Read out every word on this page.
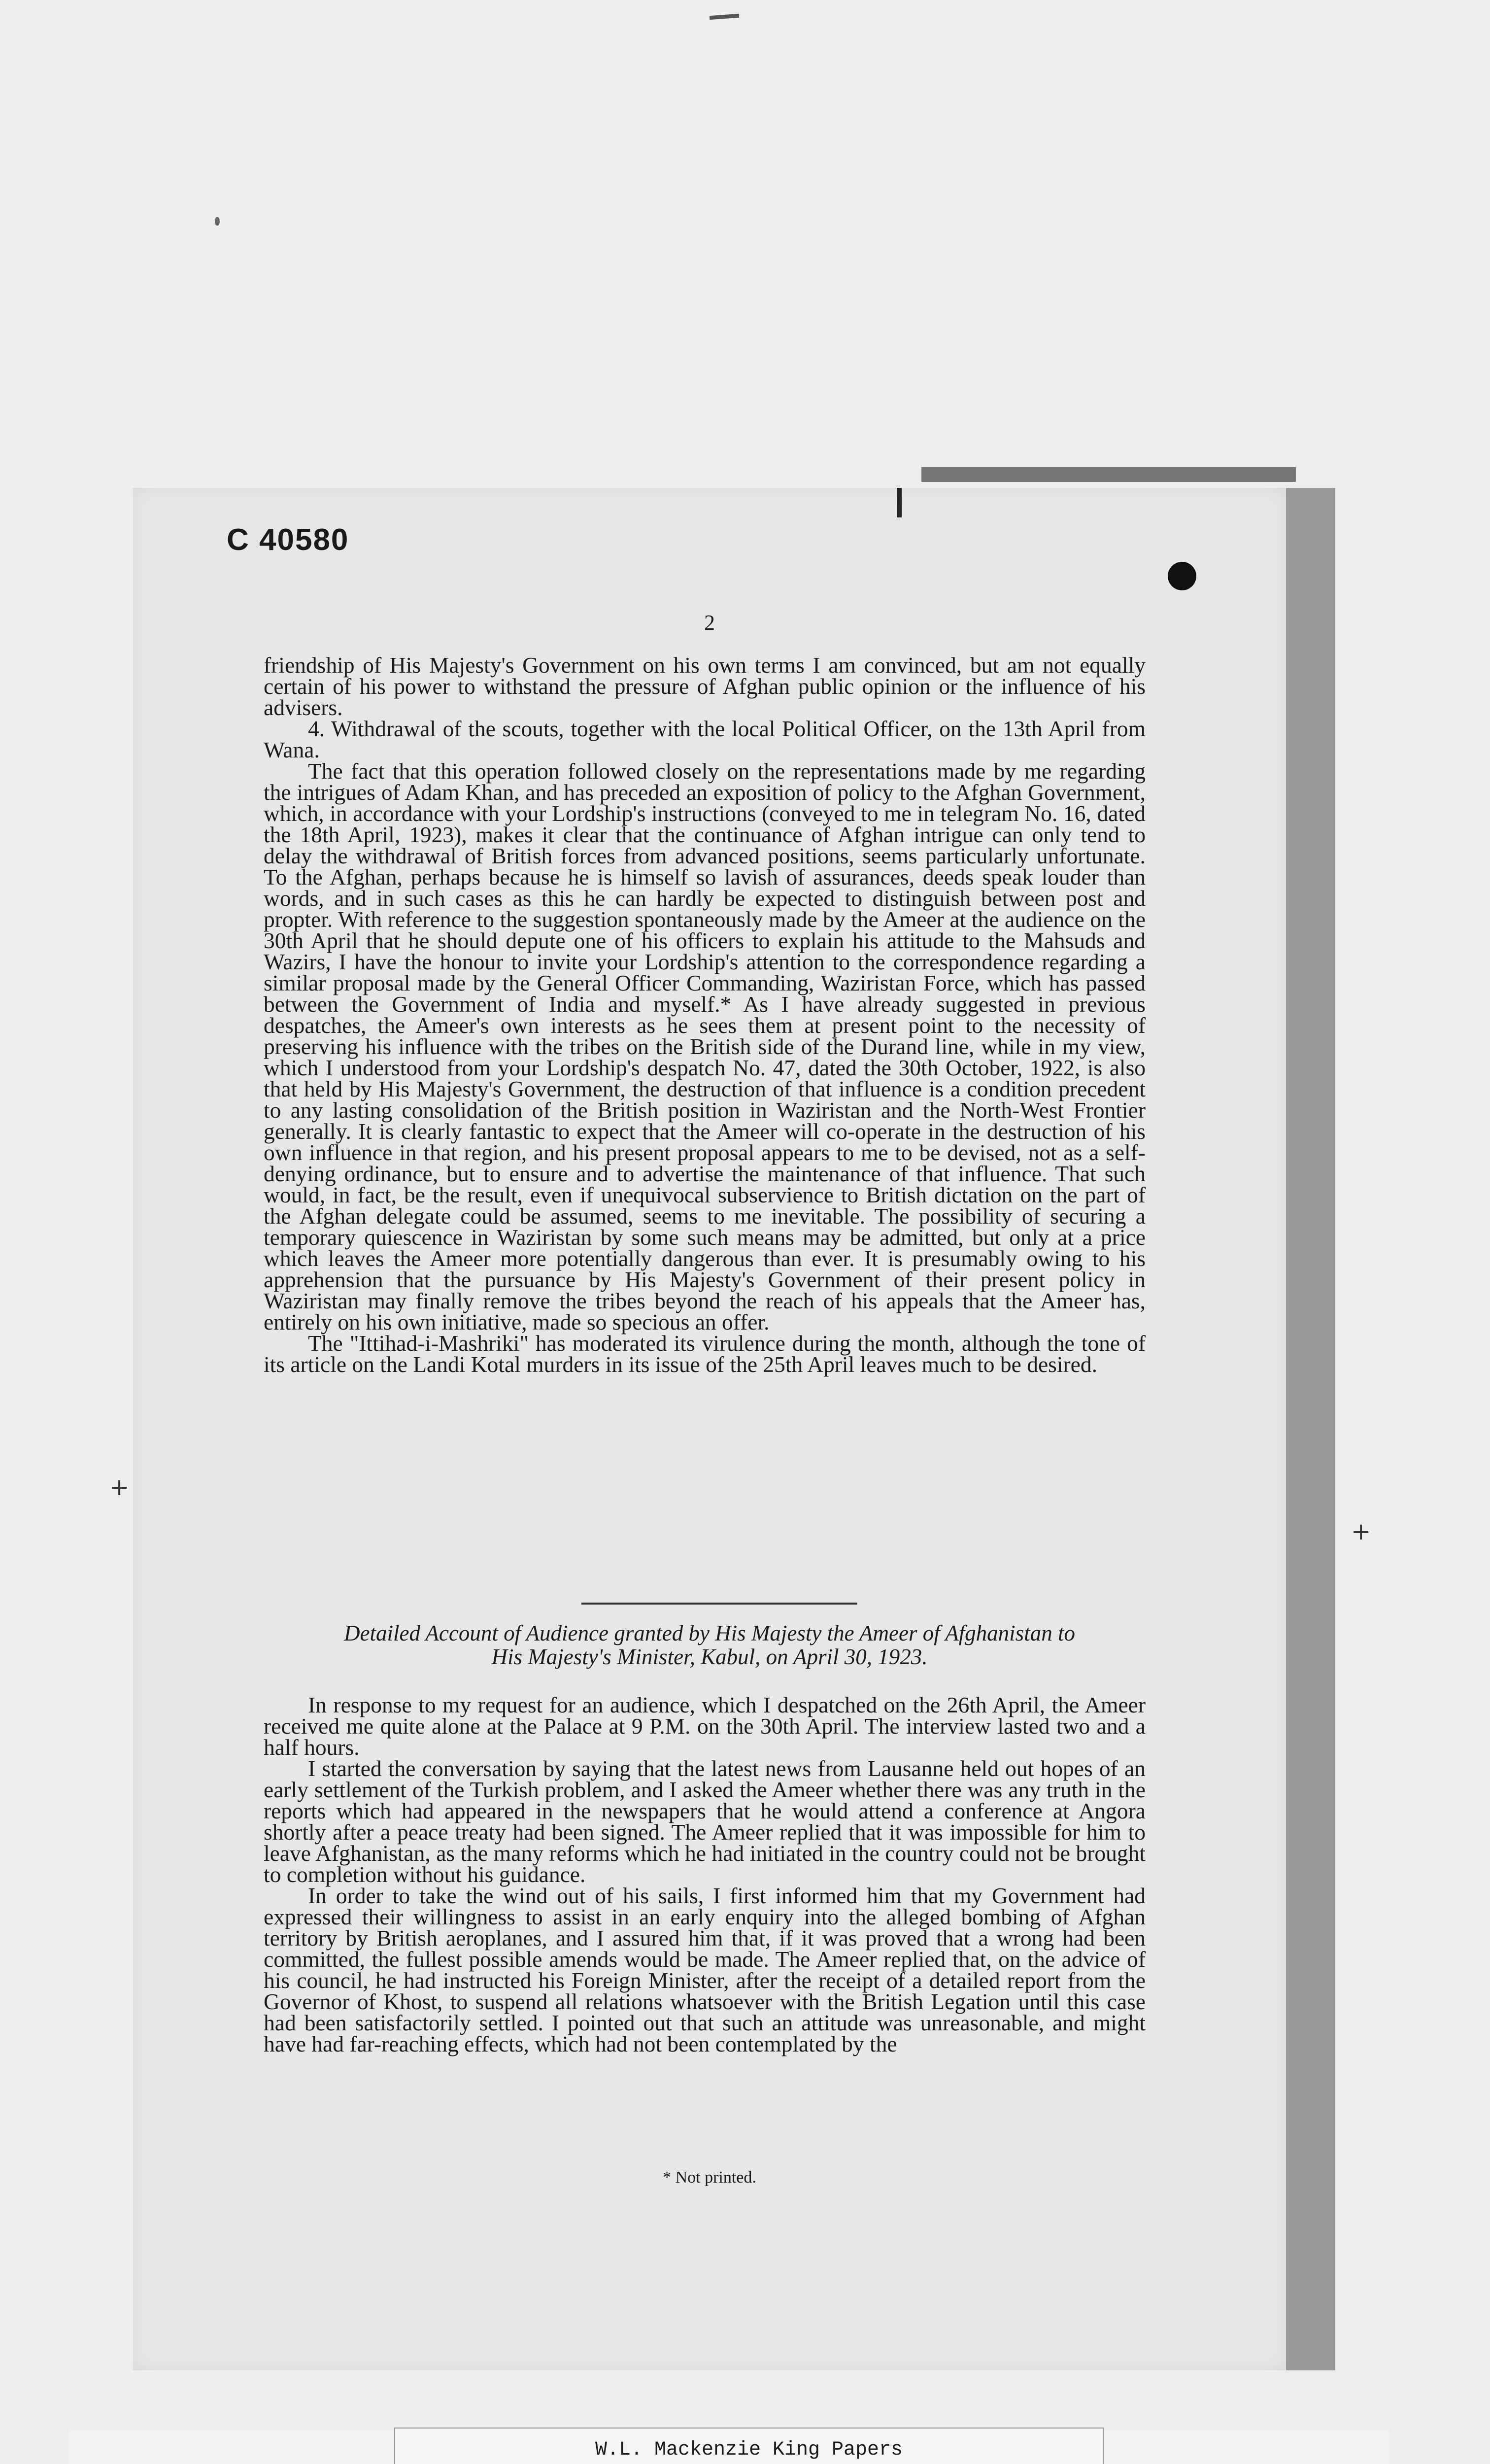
+
+
C 40580
2

friendship of His Majesty's Government on his own terms I am convinced, but am not equally certain of his power to withstand the pressure of Afghan public opinion or the influence of his advisers.

4. Withdrawal of the scouts, together with the local Political Officer, on the 13th April from Wana.

The fact that this operation followed closely on the representations made by me regarding the intrigues of Adam Khan, and has preceded an exposition of policy to the Afghan Government, which, in accordance with your Lordship's instructions (conveyed to me in telegram No. 16, dated the 18th April, 1923), makes it clear that the continuance of Afghan intrigue can only tend to delay the withdrawal of British forces from advanced positions, seems particularly unfortunate. To the Afghan, perhaps because he is himself so lavish of assurances, deeds speak louder than words, and in such cases as this he can hardly be expected to distinguish between post and propter. With reference to the suggestion spontaneously made by the Ameer at the audience on the 30th April that he should depute one of his officers to explain his attitude to the Mahsuds and Wazirs, I have the honour to invite your Lordship's attention to the correspondence regarding a similar proposal made by the General Officer Commanding, Waziristan Force, which has passed between the Government of India and myself.* As I have already suggested in previous despatches, the Ameer's own interests as he sees them at present point to the necessity of preserving his influence with the tribes on the British side of the Durand line, while in my view, which I understood from your Lordship's despatch No. 47, dated the 30th October, 1922, is also that held by His Majesty's Government, the destruction of that influence is a condition precedent to any lasting consolidation of the British position in Waziristan and the North-West Frontier generally. It is clearly fantastic to expect that the Ameer will co-operate in the destruction of his own influence in that region, and his present proposal appears to me to be devised, not as a self-denying ordinance, but to ensure and to advertise the maintenance of that influence. That such would, in fact, be the result, even if unequivocal subservience to British dictation on the part of the Afghan delegate could be assumed, seems to me inevitable. The possibility of securing a temporary quiescence in Waziristan by some such means may be admitted, but only at a price which leaves the Ameer more potentially dangerous than ever. It is presumably owing to his apprehension that the pursuance by His Majesty's Government of their present policy in Waziristan may finally remove the tribes beyond the reach of his appeals that the Ameer has, entirely on his own initiative, made so specious an offer.

The "Ittihad-i-Mashriki" has moderated its virulence during the month, although the tone of its article on the Landi Kotal murders in its issue of the 25th April leaves much to be desired.

Detailed Account of Audience granted by His Majesty the Ameer of Afghanistan to
His Majesty's Minister, Kabul, on April 30, 1923.

In response to my request for an audience, which I despatched on the 26th April, the Ameer received me quite alone at the Palace at 9 P.M. on the 30th April. The interview lasted two and a half hours.

I started the conversation by saying that the latest news from Lausanne held out hopes of an early settlement of the Turkish problem, and I asked the Ameer whether there was any truth in the reports which had appeared in the newspapers that he would attend a conference at Angora shortly after a peace treaty had been signed. The Ameer replied that it was impossible for him to leave Afghanistan, as the many reforms which he had initiated in the country could not be brought to completion without his guidance.

In order to take the wind out of his sails, I first informed him that my Government had expressed their willingness to assist in an early enquiry into the alleged bombing of Afghan territory by British aeroplanes, and I assured him that, if it was proved that a wrong had been committed, the fullest possible amends would be made. The Ameer replied that, on the advice of his council, he had instructed his Foreign Minister, after the receipt of a detailed report from the Governor of Khost, to suspend all relations whatsoever with the British Legation until this case had been satisfactorily settled. I pointed out that such an attitude was unreasonable, and might have had far-reaching effects, which had not been contemplated by the

* Not printed.
W.L. Mackenzie King Papers
